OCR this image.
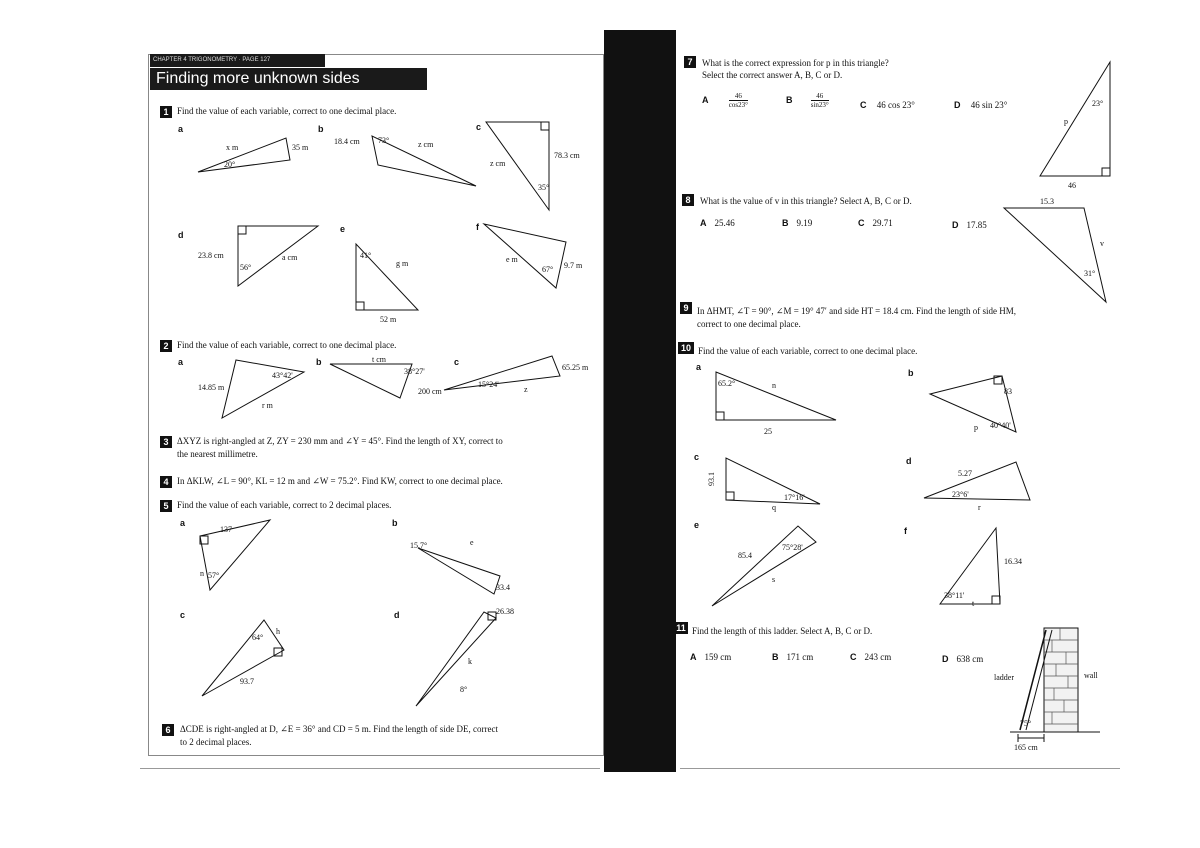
CHAPTER 4 TRIGONOMETRY · PAGE 127
Finding more unknown sides
1 Find the value of each variable, correct to one decimal place.
a	b	c
d
e	f
x m	35 m
20°
18.4 cm 73°	z cm
z cm
78.3 cm
35°
23.8 cm
56°
a cm	41°
g m
52 m
e m
67° 9.7 m
14.85 m
43°42'
r m
t cm
38°27'
200 cm
15°24'
65.25 m
z
137
n 57°
15.7°	e
33.4
64°
h
93.7
26.38
k
8°
2 Find the value of each variable, correct to one decimal place.
a	b	c
3 ΔXYZ is right-angled at Z, ZY = 230 mm and ∠Y = 45°. Find the length of XY, correct to
the nearest millimetre.
4 In ΔKLW, ∠L = 90°, KL = 12 m and ∠W = 75.2°. Find KW, correct to one decimal place.
5 Find the value of each variable, correct to 2 decimal places.
a	b
c	d
6	ΔCDE is right-angled at D, ∠E = 36° and CD = 5 m. Find the length of side DE, correct
to 2 decimal places.
7	What is the correct expression for p in this triangle?
Select the correct answer A, B, C or D.
A	$\frac{46}{\cos 23^\circ}$	B	$\frac{46}{\sin 23^\circ}$	C 46 cos 23°	D 46 sin 23°
8	What is the value of v in this triangle? Select A, B, C or D.
A 25.46	B 9.19	C 29.71	D 17.85
9 In ΔHMT, ∠T = 90°, ∠M = 19° 47′ and side HT = 18.4 cm. Find the length of side HM,
correct to one decimal place.
10 Find the value of each variable, correct to one decimal place.
a
b
c	d
e
f
11 Find the length of this ladder. Select A, B, C or D.
A 159 cm	B 171 cm	C 243 cm	D 638 cm
p
23°
46
15.3
v
31°
65.2°	n
25
83
p 40°40'
93.1
17°16'
q
5.27
23°6'
r
85.4
75°28'
s
16.34
38°11'
t
ladder	wall
75°
165 cm
